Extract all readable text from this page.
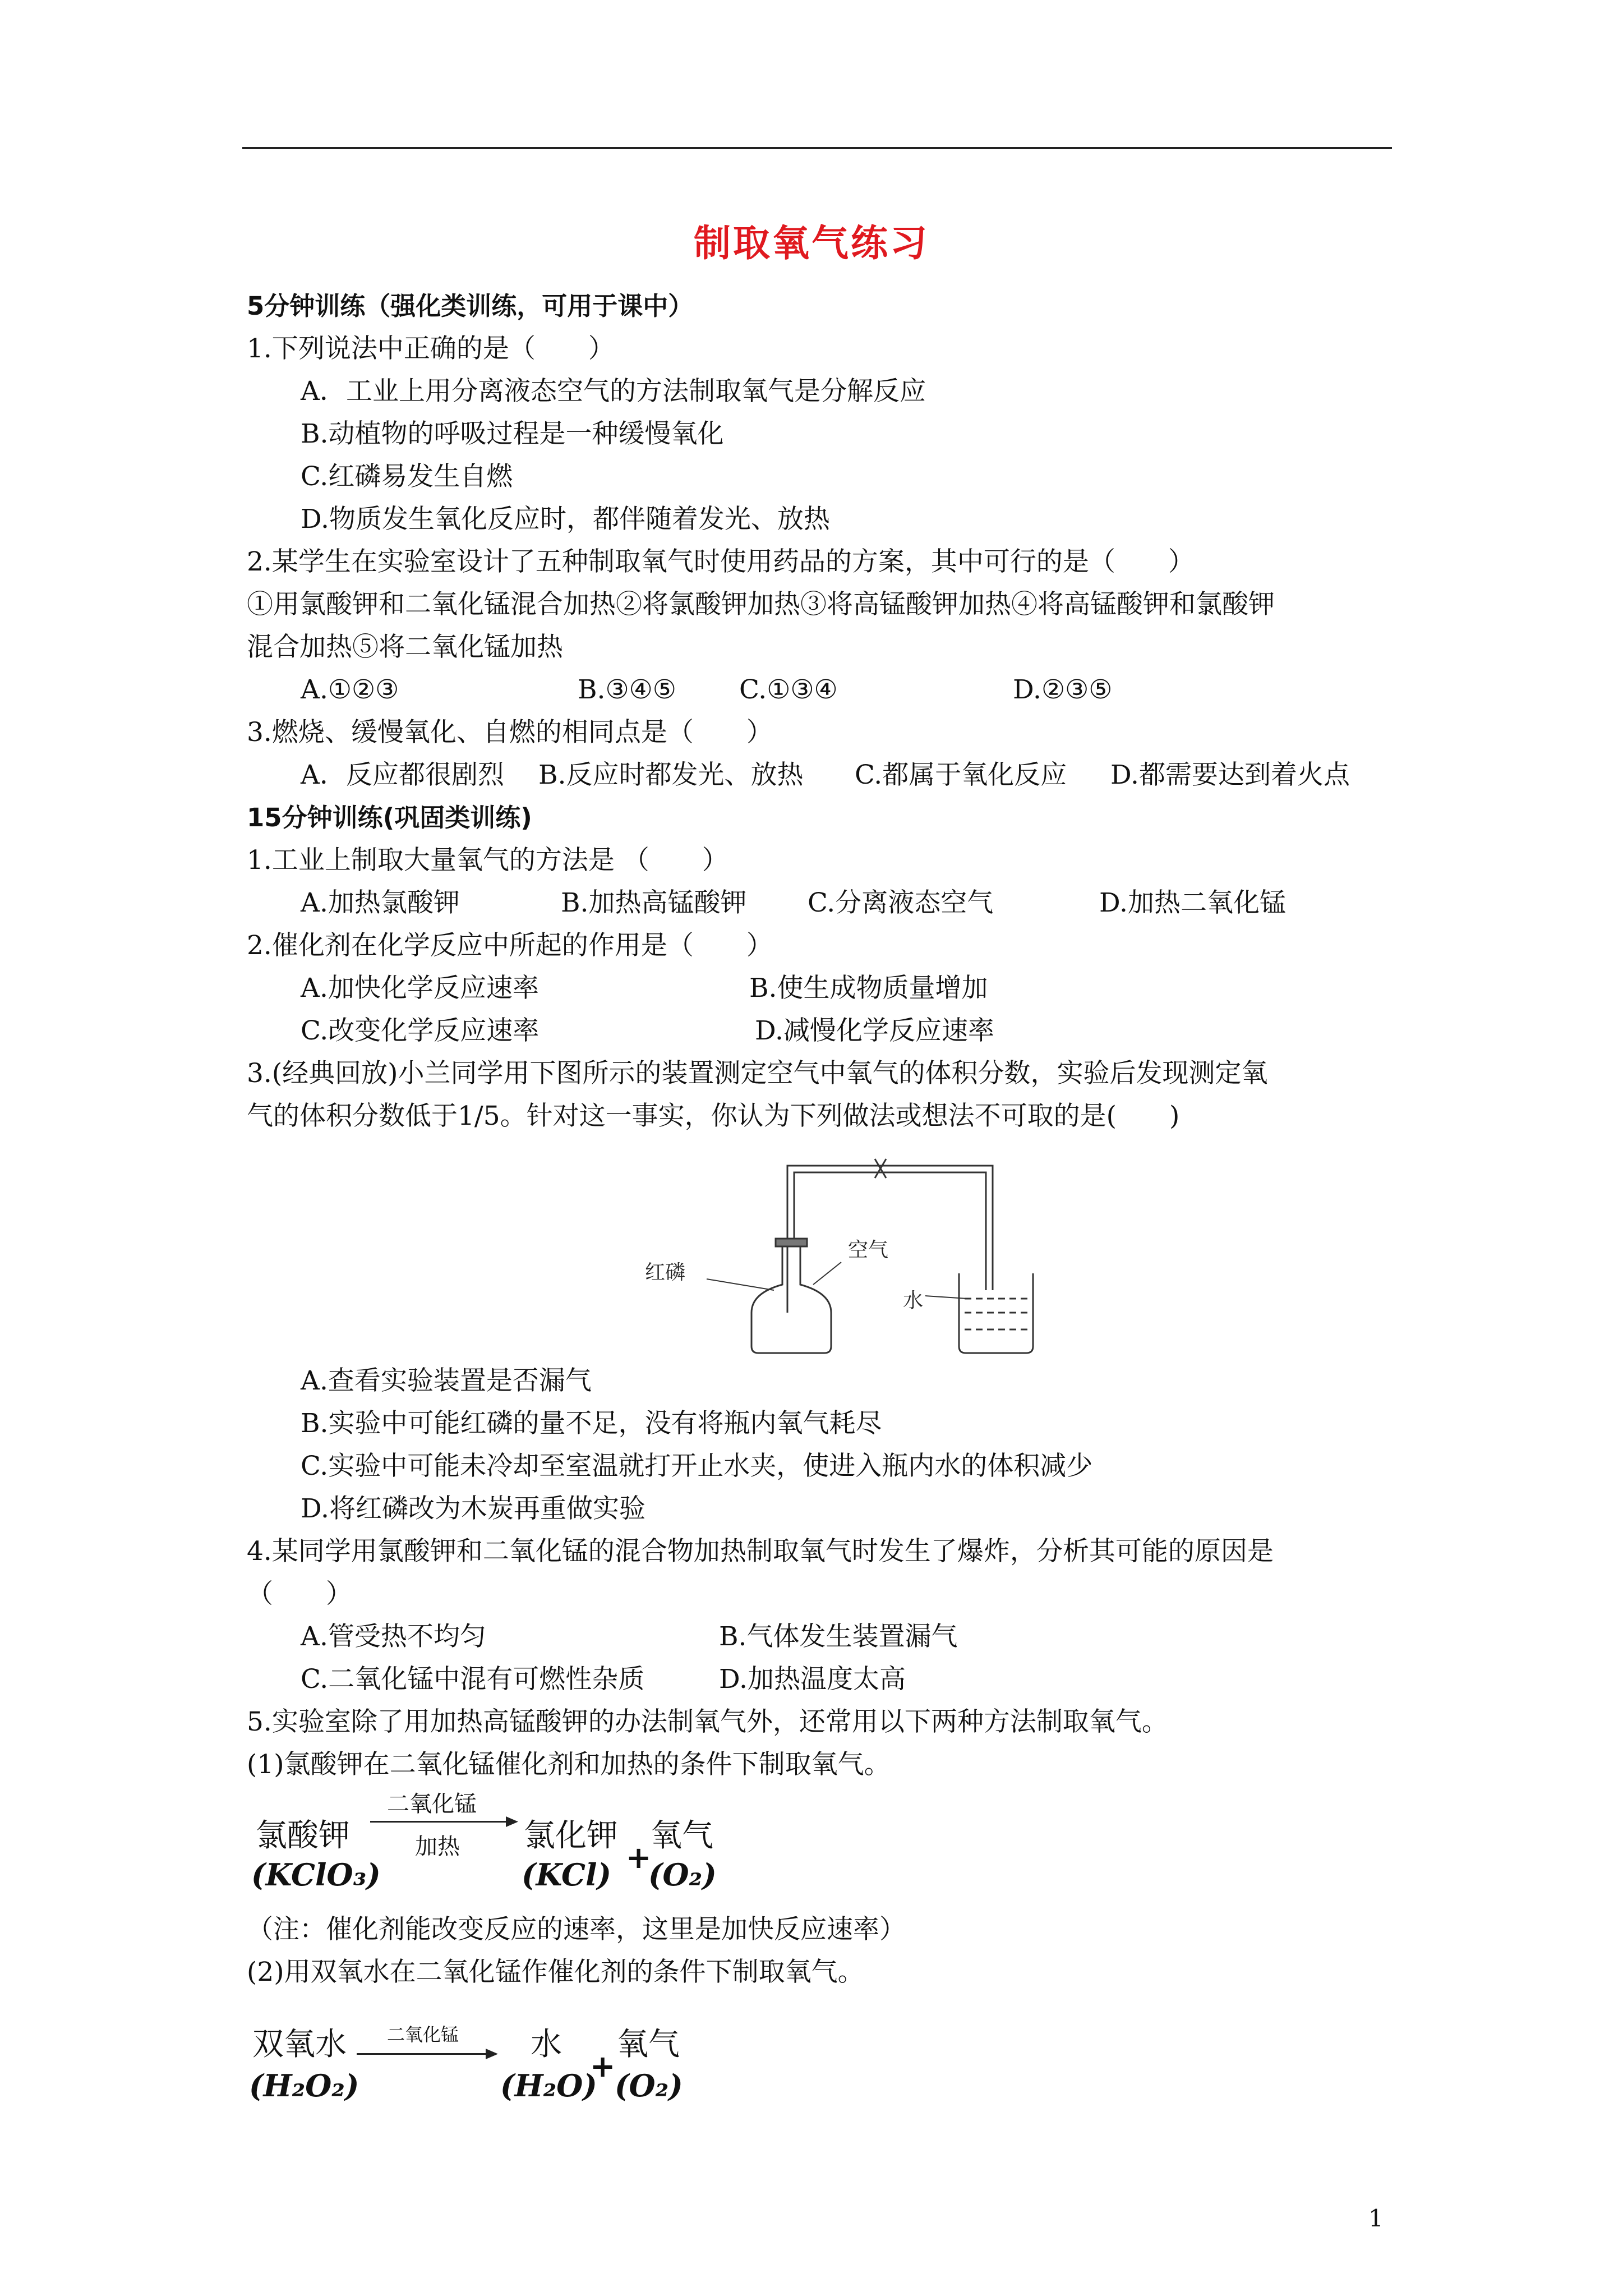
制取氧气练习
5分钟训练（强化类训练，可用于课中）
1.下列说法中正确的是（　　）
A．工业上用分离液态空气的方法制取氧气是分解反应
B.动植物的呼吸过程是一种缓慢氧化
C.红磷易发生自燃
D.物质发生氧化反应时，都伴随着发光、放热
2.某学生在实验室设计了五种制取氧气时使用药品的方案，其中可行的是（　　）
①用氯酸钾和二氧化锰混合加热②将氯酸钾加热③将高锰酸钾加热④将高锰酸钾和氯酸钾
混合加热⑤将二氧化锰加热
A.①②③	B.③④⑤ C.①③④	D.②③⑤
3.燃烧、缓慢氧化、自燃的相同点是（　　）
A．反应都很剧烈 B.反应时都发光、放热 C.都属于氧化反应 D.都需要达到着火点
15分钟训练(巩固类训练)
1.工业上制取大量氧气的方法是 （　　）
A.加热氯酸钾	B.加热高锰酸钾 C.分离液态空气	D.加热二氧化锰
2.催化剂在化学反应中所起的作用是（　　）
A.加快化学反应速率	B.使生成物质量增加
C.改变化学反应速率	D.减慢化学反应速率
3.(经典回放)小兰同学用下图所示的装置测定空气中氧气的体积分数，实验后发现测定氧
气的体积分数低于1/5。针对这一事实，你认为下列做法或想法不可取的是(　　)
红磷
空气
水
A.查看实验装置是否漏气
B.实验中可能红磷的量不足，没有将瓶内氧气耗尽
C.实验中可能未冷却至室温就打开止水夹，使进入瓶内水的体积减少
D.将红磷改为木炭再重做实验
4.某同学用氯酸钾和二氧化锰的混合物加热制取氧气时发生了爆炸，分析其可能的原因是
（　　）
A.管受热不均匀	B.气体发生装置漏气
C.二氧化锰中混有可燃性杂质	D.加热温度太高
5.实验室除了用加热高锰酸钾的办法制氧气外，还常用以下两种方法制取氧气。
(1)氯酸钾在二氧化锰催化剂和加热的条件下制取氧气。
氯酸钾
(KClO₃)
二氧化锰
加热 氯化钾
(KCl) +
氧气
(O₂)
（注：催化剂能改变反应的速率，这里是加快反应速率）
(2)用双氧水在二氧化锰作催化剂的条件下制取氧气。
双氧水
(H₂O₂)
二氧化锰 水
(H₂O)
+
氧气
(O₂)
1
